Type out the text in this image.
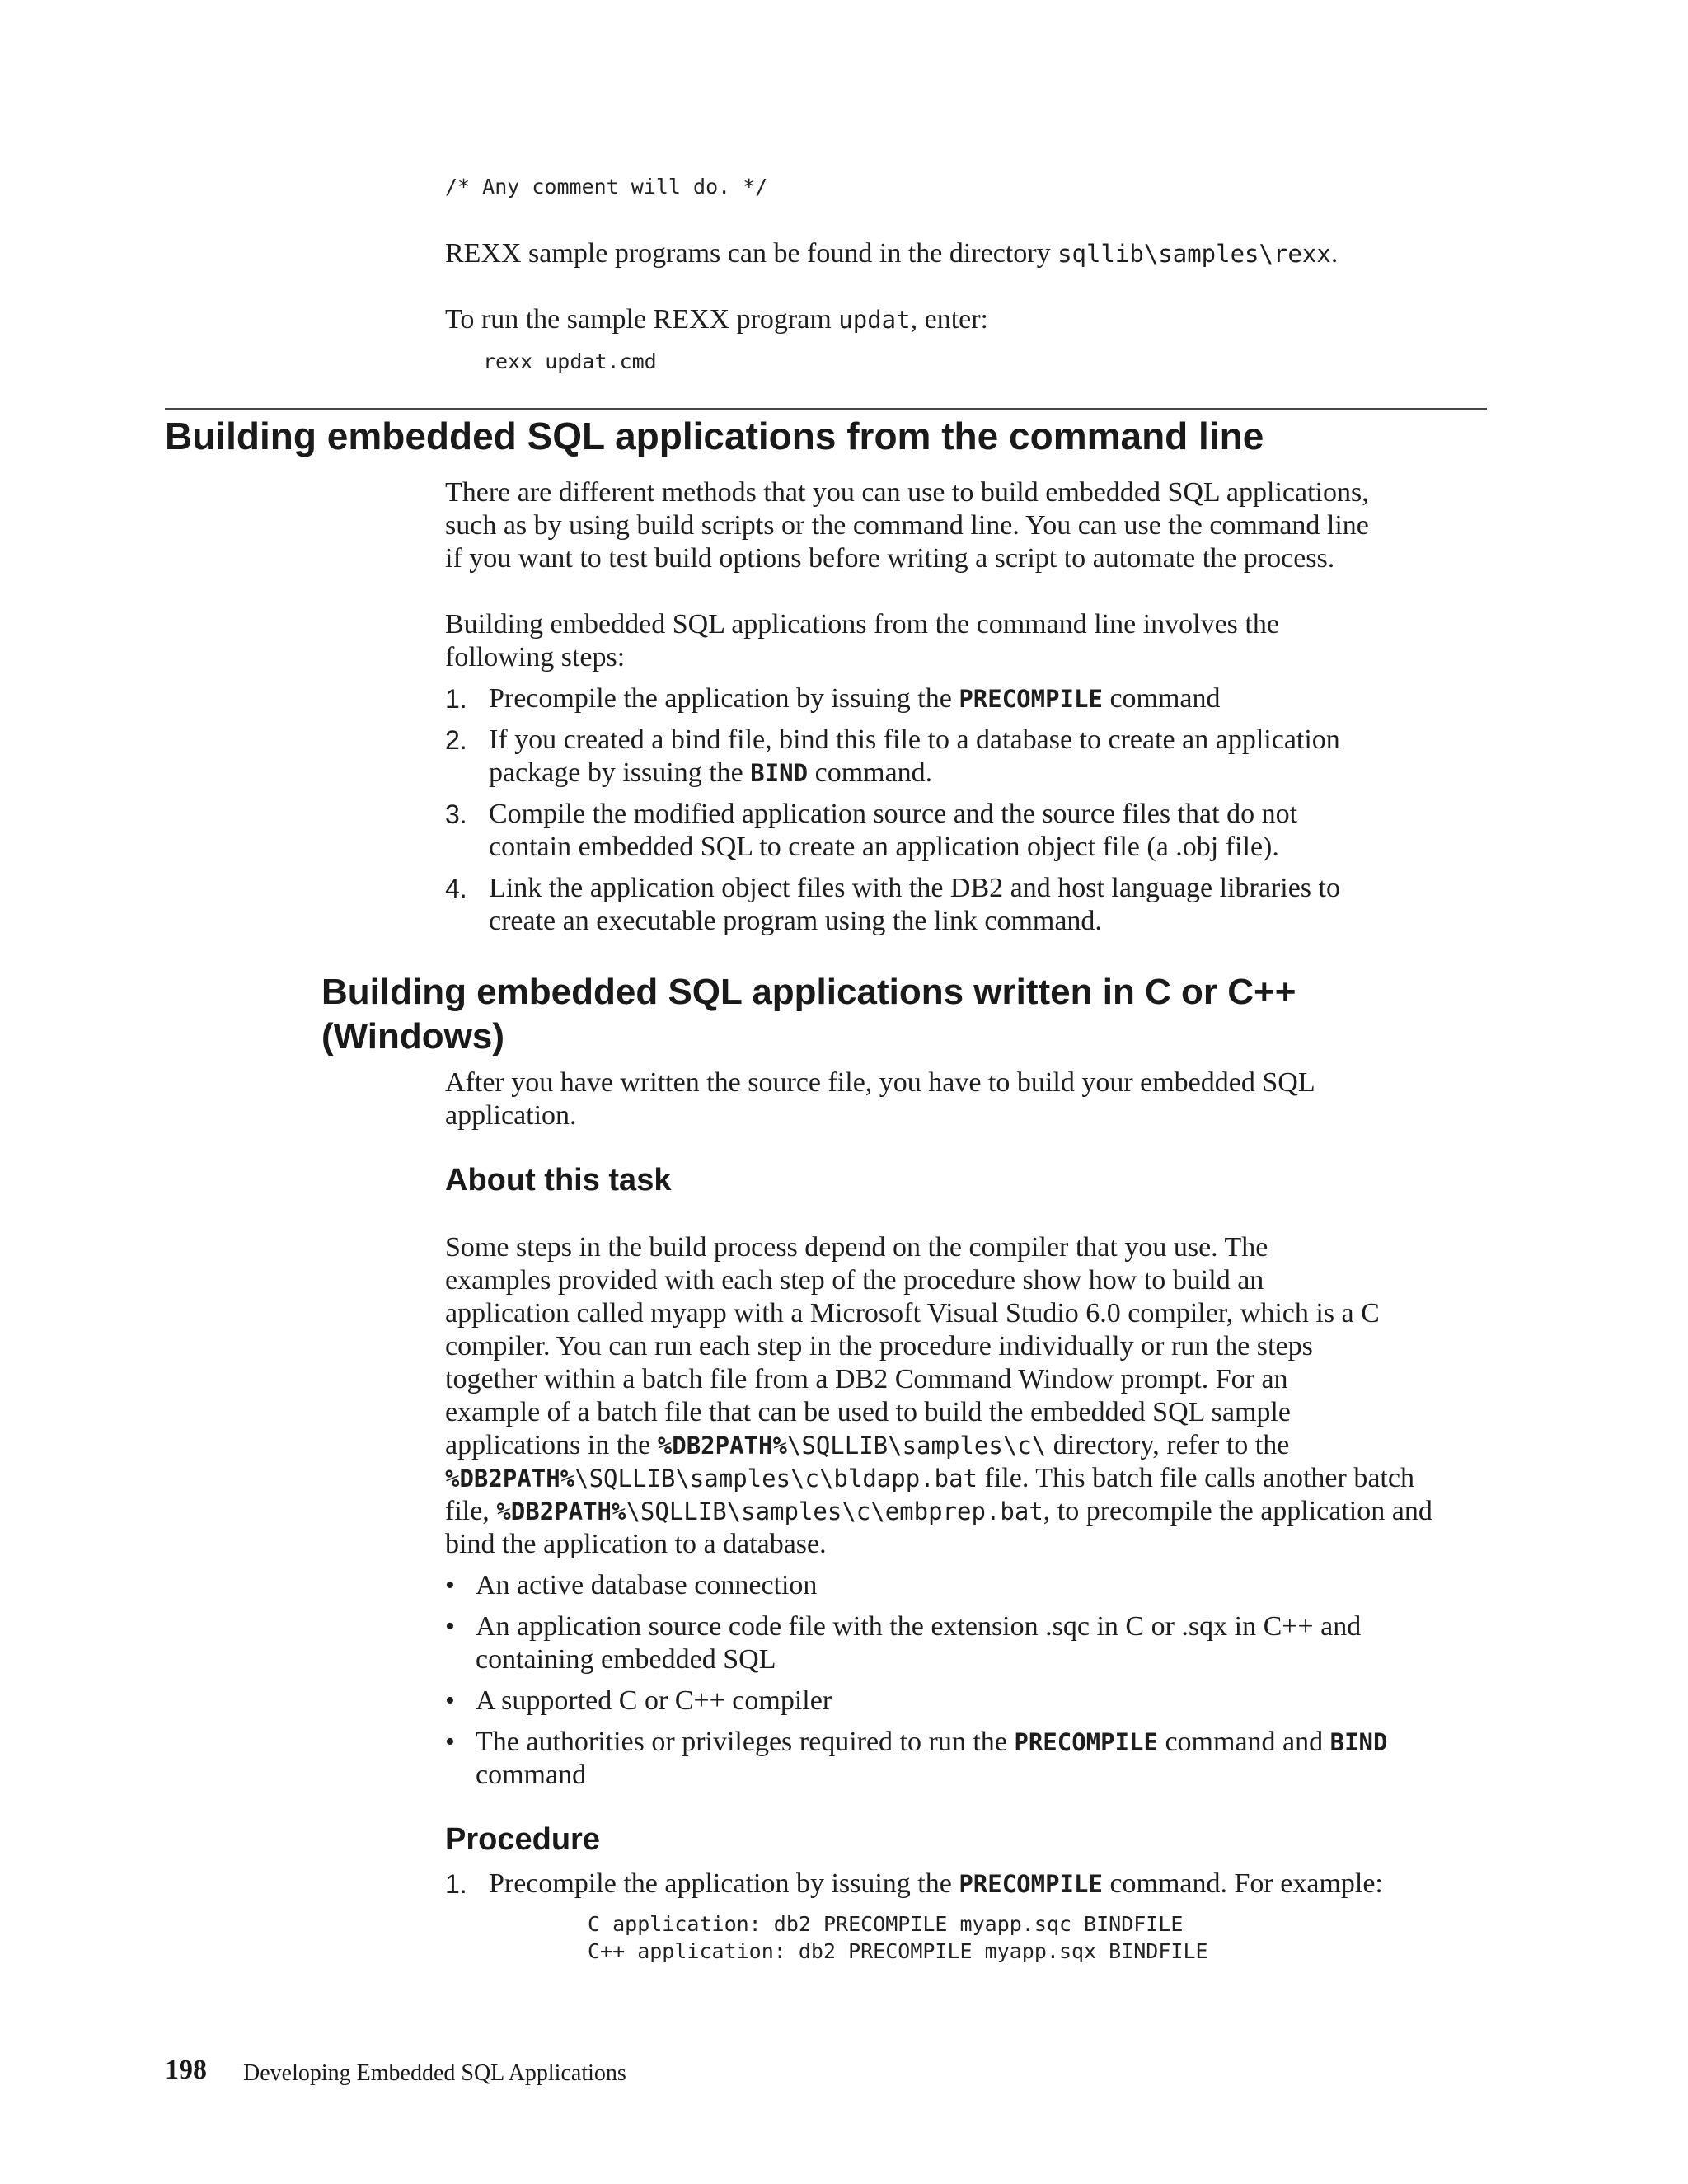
/* Any comment will do. */
REXX sample programs can be found in the directory sqllib\samples\rexx.
To run the sample REXX program updat, enter:
rexx updat.cmd
Building embedded SQL applications from the command line
There are different methods that you can use to build embedded SQL applications,
such as by using build scripts or the command line. You can use the command line
if you want to test build options before writing a script to automate the process.
Building embedded SQL applications from the command line involves the
following steps:
1. Precompile the application by issuing the PRECOMPILE command
2. If you created a bind file, bind this file to a database to create an application
package by issuing the BIND command.
3. Compile the modified application source and the source files that do not
contain embedded SQL to create an application object file (a .obj file).
4. Link the application object files with the DB2 and host language libraries to
create an executable program using the link command.
Building embedded SQL applications written in C or C++
(Windows)
After you have written the source file, you have to build your embedded SQL
application.
About this task
Some steps in the build process depend on the compiler that you use. The
examples provided with each step of the procedure show how to build an
application called myapp with a Microsoft Visual Studio 6.0 compiler, which is a C
compiler. You can run each step in the procedure individually or run the steps
together within a batch file from a DB2 Command Window prompt. For an
example of a batch file that can be used to build the embedded SQL sample
applications in the %DB2PATH%\SQLLIB\samples\c\ directory, refer to the
%DB2PATH%\SQLLIB\samples\c\bldapp.bat file. This batch file calls another batch
file, %DB2PATH%\SQLLIB\samples\c\embprep.bat, to precompile the application and
bind the application to a database.
• An active database connection
• An application source code file with the extension .sqc in C or .sqx in C++ and
containing embedded SQL
• A supported C or C++ compiler
• The authorities or privileges required to run the PRECOMPILE command and BIND
command
Procedure
1. Precompile the application by issuing the PRECOMPILE command. For example:
C application: db2 PRECOMPILE myapp.sqc BINDFILE
C++ application: db2 PRECOMPILE myapp.sqx BINDFILE
198 Developing Embedded SQL Applications
